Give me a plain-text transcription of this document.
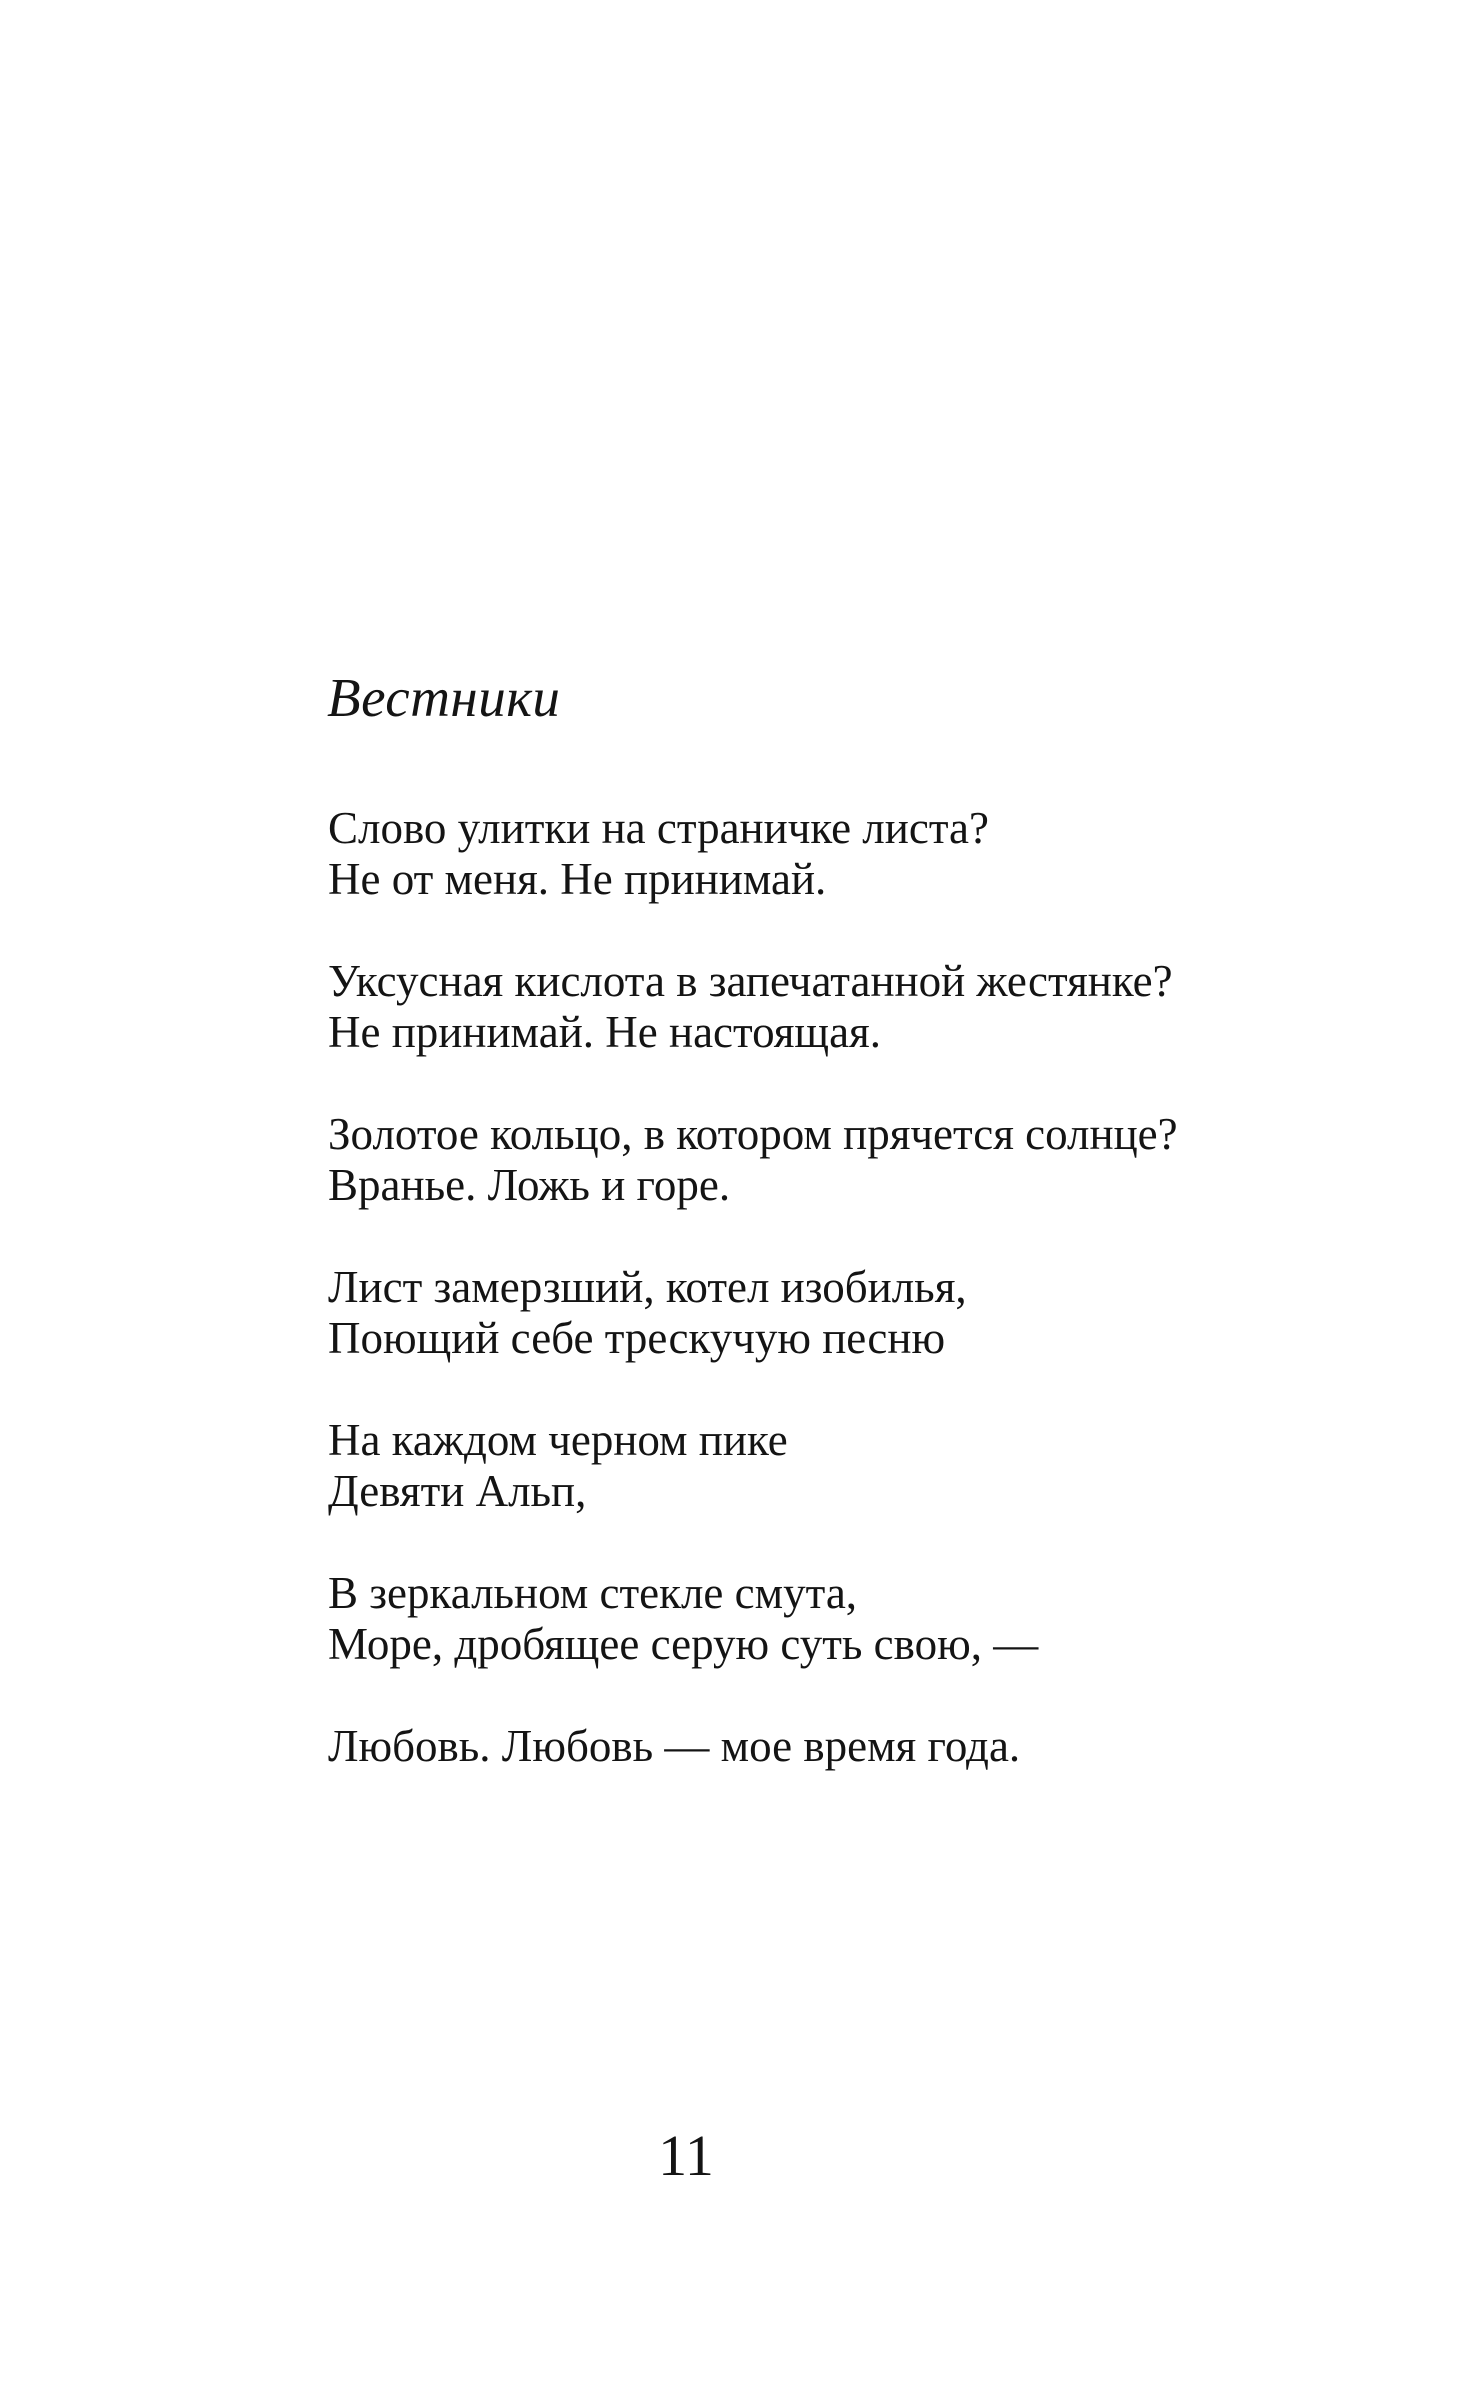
Вестники

Слово улитки на страничке листа?
Не от меня. Не принимай.

Уксусная кислота в запечатанной жестянке?
Не принимай. Не настоящая.

Золотое кольцо, в котором прячется солнце?
Вранье. Ложь и горе.

Лист замерзший, котел изобилья,
Поющий себе трескучую песню

На каждом черном пике
Девяти Альп,

В зеркальном стекле смута,
Море, дробящее серую суть свою, —

Любовь. Любовь — мое время года.

11
